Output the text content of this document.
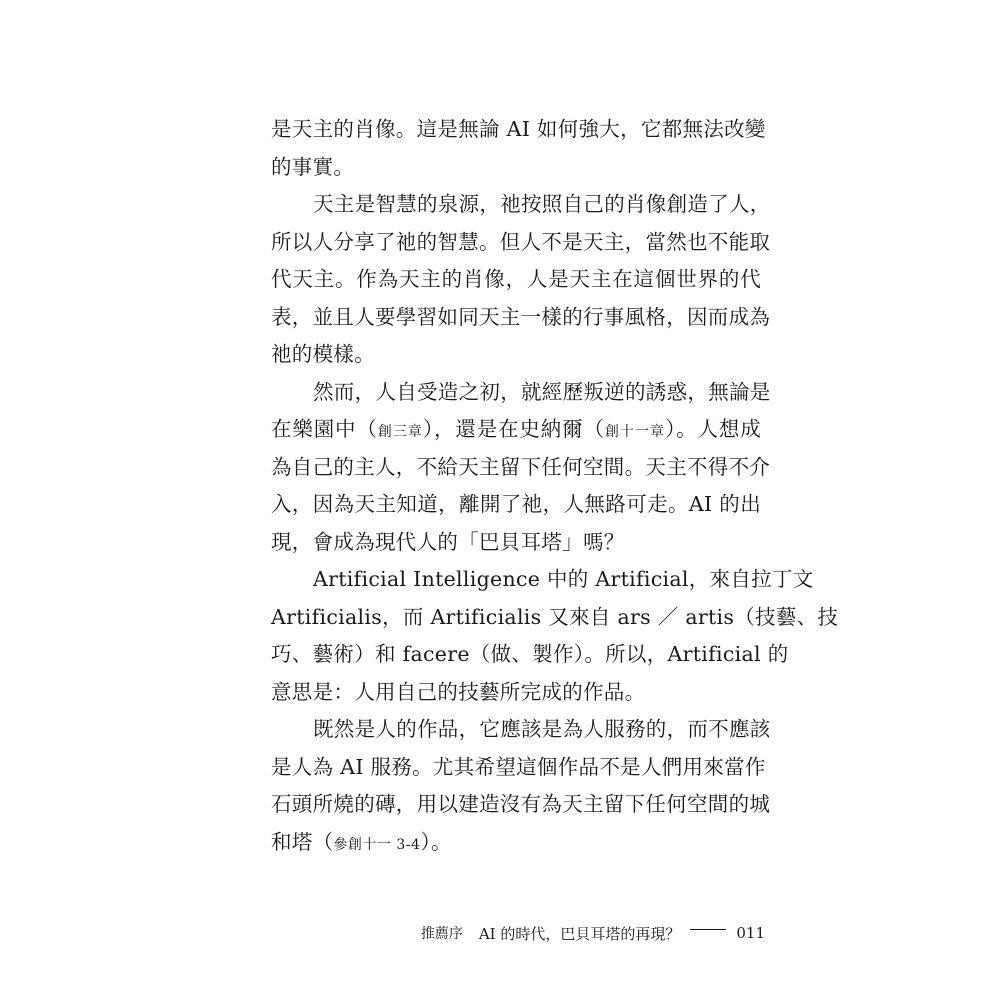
是天主的肖像。這是無論 AI 如何強大，它都無法改變
的事實。
天主是智慧的泉源，祂按照自己的肖像創造了人，
所以人分享了祂的智慧。但人不是天主，當然也不能取
代天主。作為天主的肖像，人是天主在這個世界的代
表，並且人要學習如同天主一樣的行事風格，因而成為
祂的模樣。
然而，人自受造之初，就經歷叛逆的誘惑，無論是
在樂園中（創三章），還是在史納爾（創十一章）。人想成
為自己的主人，不給天主留下任何空間。天主不得不介
入，因為天主知道，離開了祂，人無路可走。AI 的出
現，會成為現代人的「巴貝耳塔」嗎？
Artificial Intelligence 中的 Artificial，來自拉丁文
Artificialis，而 Artificialis 又來自 ars ／ artis（技藝、技
巧、藝術）和 facere（做、製作）。所以，Artificial 的
意思是：人用自己的技藝所完成的作品。
既然是人的作品，它應該是為人服務的，而不應該
是人為 AI 服務。尤其希望這個作品不是人們用來當作
石頭所燒的磚，用以建造沒有為天主留下任何空間的城
和塔（參創十一 3-4）。
推薦序 AI 的時代，巴貝耳塔的再現？	011
